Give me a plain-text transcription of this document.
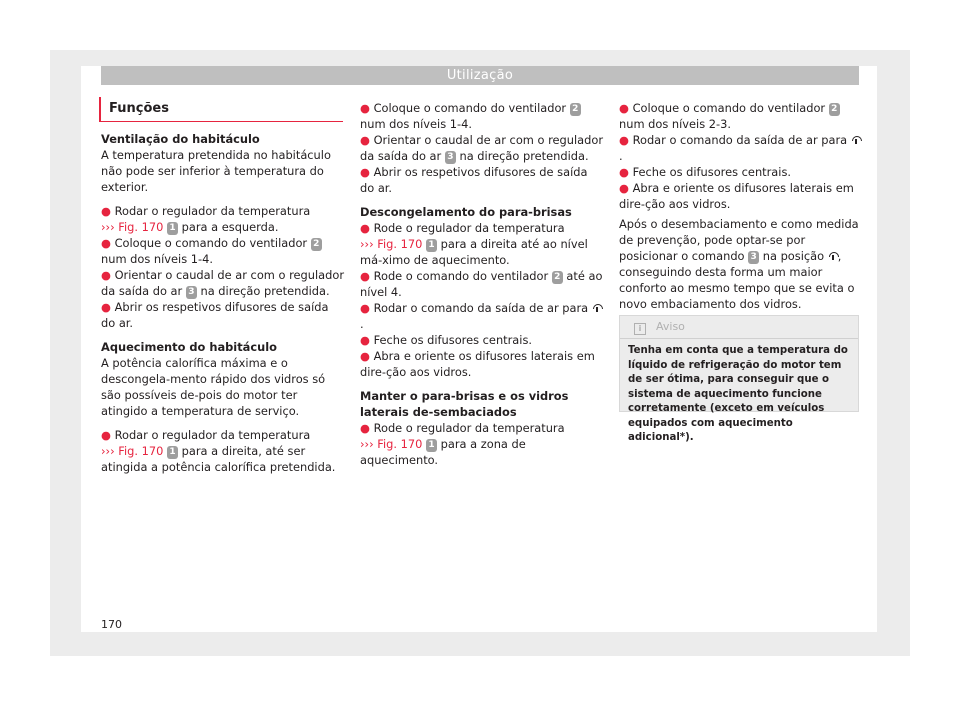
Utilização
Funções

Ventilação do habitáculo

A temperatura pretendida no habitáculo não pode ser inferior à temperatura do exterior.

● Rodar o regulador da temperatura
››› Fig. 170 1 para a esquerda.

● Coloque o comando do ventilador 2 num dos níveis 1-4.

● Orientar o caudal de ar com o regulador da saída do ar 3 na direção pretendida.

● Abrir os respetivos difusores de saída do ar.

Aquecimento do habitáculo

A potência calorífica máxima e o descongela-mento rápido dos vidros só são possíveis de-pois do motor ter atingido a temperatura de serviço.

● Rodar o regulador da temperatura
››› Fig. 170 1 para a direita, até ser atingida a potência calorífica pretendida.

● Coloque o comando do ventilador 2 num dos níveis 1-4.

● Orientar o caudal de ar com o regulador da saída do ar 3 na direção pretendida.

● Abrir os respetivos difusores de saída do ar.

Descongelamento do para-brisas

● Rode o regulador da temperatura
››› Fig. 170 1 para a direita até ao nível má-ximo de aquecimento.

● Rode o comando do ventilador 2 até ao nível 4.

● Rodar o comando da saída de ar para .

● Feche os difusores centrais.

● Abra e oriente os difusores laterais em dire-ção aos vidros.

Manter o para-brisas e os vidros laterais de-sembaciados

● Rode o regulador da temperatura
››› Fig. 170 1 para a zona de aquecimento.

● Coloque o comando do ventilador 2 num dos níveis 2-3.

● Rodar o comando da saída de ar para .

● Feche os difusores centrais.

● Abra e oriente os difusores laterais em dire-ção aos vidros.

Após o desembaciamento e como medida de prevenção, pode optar-se por posicionar o comando 3 na posição , conseguindo desta forma um maior conforto ao mesmo tempo que se evita o novo embaciamento dos vidros.

i Aviso
Tenha em conta que a temperatura do líquido de refrigeração do motor tem de ser ótima, para conseguir que o sistema de aquecimento funcione corretamente (exceto em veículos equipados com aquecimento adicional*).
170
